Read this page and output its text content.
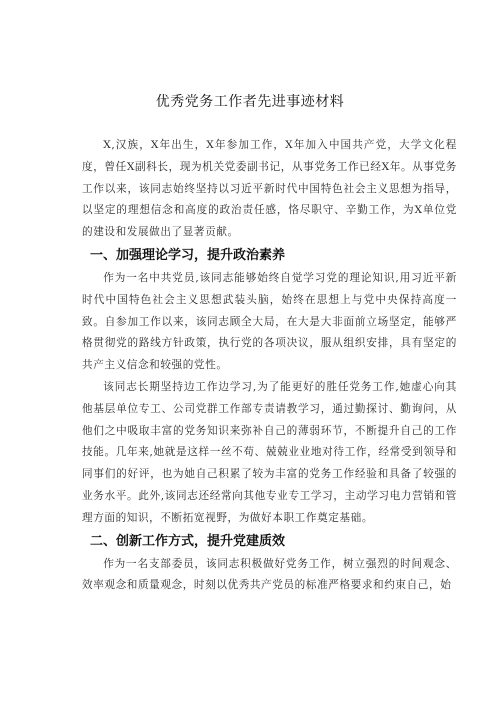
优秀党务工作者先进事迹材料

X,汉族，X年出生，X年参加工作，X年加入中国共产党，大学文化程度，曾任X副科长，现为机关党委副书记，从事党务工作已经X年。从事党务工作以来，该同志始终坚持以习近平新时代中国特色社会主义思想为指导，以坚定的理想信念和高度的政治责任感，恪尽职守、辛勤工作，为X单位党的建设和发展做出了显著贡献。

一、加强理论学习，提升政治素养

作为一名中共党员,该同志能够始终自觉学习党的理论知识,用习近平新时代中国特色社会主义思想武装头脑，始终在思想上与党中央保持高度一致。自参加工作以来，该同志顾全大局，在大是大非面前立场坚定，能够严格贯彻党的路线方针政策，执行党的各项决议，服从组织安排，具有坚定的共产主义信念和较强的党性。

该同志长期坚持边工作边学习,为了能更好的胜任党务工作,她虚心向其他基层单位专工、公司党群工作部专责请教学习，通过勤探讨、勤询问，从他们之中吸取丰富的党务知识来弥补自己的薄弱环节，不断提升自己的工作技能。几年来,她就是这样一丝不苟、兢兢业业地对待工作，经常受到领导和同事们的好评，也为她自己积累了较为丰富的党务工作经验和具备了较强的业务水平。此外,该同志还经常向其他专业专工学习，主动学习电力营销和管理方面的知识，不断拓宽视野，为做好本职工作奠定基础。

二、创新工作方式，提升党建质效

作为一名支部委员，该同志积极做好党务工作，树立强烈的时间观念、效率观念和质量观念，时刻以优秀共产党员的标准严格要求和约束自己，始
